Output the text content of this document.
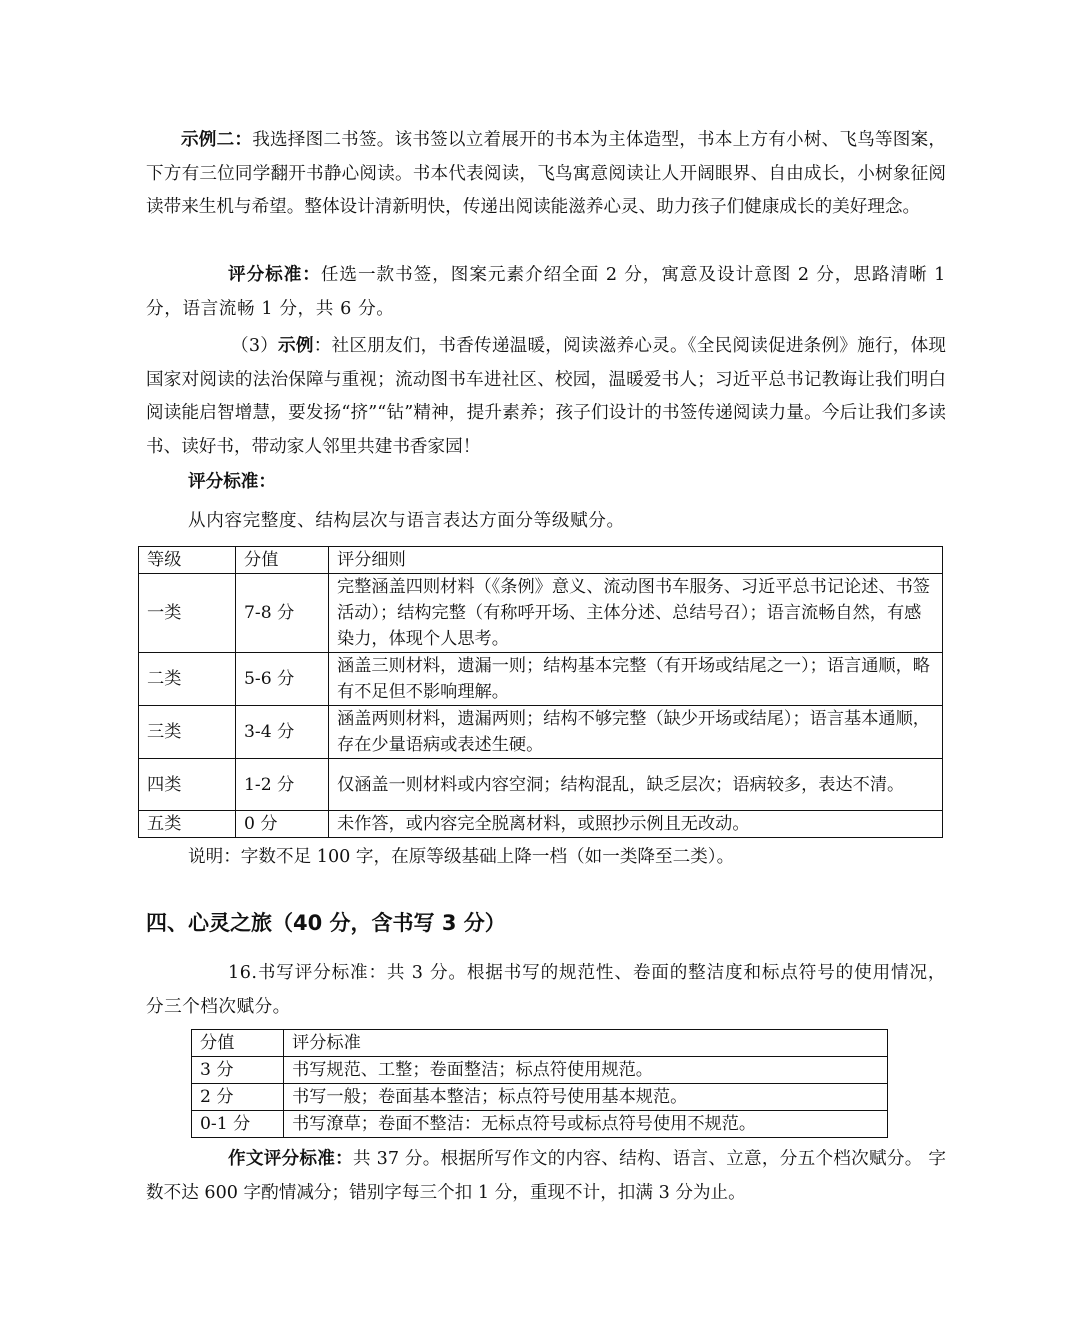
示例二：我选择图二书签。该书签以立着展开的书本为主体造型，书本上方有小树、飞鸟等图案，下方有三位同学翻开书静心阅读。书本代表阅读，飞鸟寓意阅读让人开阔眼界、自由成长，小树象征阅读带来生机与希望。整体设计清新明快，传递出阅读能滋养心灵、助力孩子们健康成长的美好理念。

评分标准：任选一款书签，图案元素介绍全面 2 分，寓意及设计意图 2 分，思路清晰 1 分，语言流畅 1 分，共 6 分。

（3）示例：社区朋友们，书香传递温暖，阅读滋养心灵。《全民阅读促进条例》施行，体现国家对阅读的法治保障与重视；流动图书车进社区、校园，温暖爱书人；习近平总书记教诲让我们明白阅读能启智增慧，要发扬“挤”“钻”精神，提升素养；孩子们设计的书签传递阅读力量。今后让我们多读书、读好书，带动家人邻里共建书香家园！

评分标准：

从内容完整度、结构层次与语言表达方面分等级赋分。

等级	分值	评分细则
一类	7-8 分	完整涵盖四则材料（《条例》意义、流动图书车服务、习近平总书记论述、书签活动）；结构完整（有称呼开场、主体分述、总结号召）；语言流畅自然，有感染力，体现个人思考。
二类	5-6 分	涵盖三则材料，遗漏一则；结构基本完整（有开场或结尾之一）；语言通顺，略有不足但不影响理解。
三类	3-4 分	涵盖两则材料，遗漏两则；结构不够完整（缺少开场或结尾）；语言基本通顺，存在少量语病或表述生硬。
四类	1-2 分	仅涵盖一则材料或内容空洞；结构混乱，缺乏层次；语病较多，表达不清。
五类	0 分	未作答，或内容完全脱离材料，或照抄示例且无改动。

说明：字数不足 100 字，在原等级基础上降一档（如一类降至二类）。

四、心灵之旅（40 分，含书写 3 分）

16.书写评分标准：共 3 分。根据书写的规范性、卷面的整洁度和标点符号的使用情况，分三个档次赋分。

分值	评分标准
3 分	书写规范、工整；卷面整洁；标点符使用规范。
2 分	书写一般；卷面基本整洁；标点符号使用基本规范。
0-1 分	书写潦草；卷面不整洁：无标点符号或标点符号使用不规范。

作文评分标准：共 37 分。根据所写作文的内容、结构、语言、立意，分五个档次赋分。 字数不达 600 字酌情减分；错别字每三个扣 1 分，重现不计，扣满 3 分为止。
